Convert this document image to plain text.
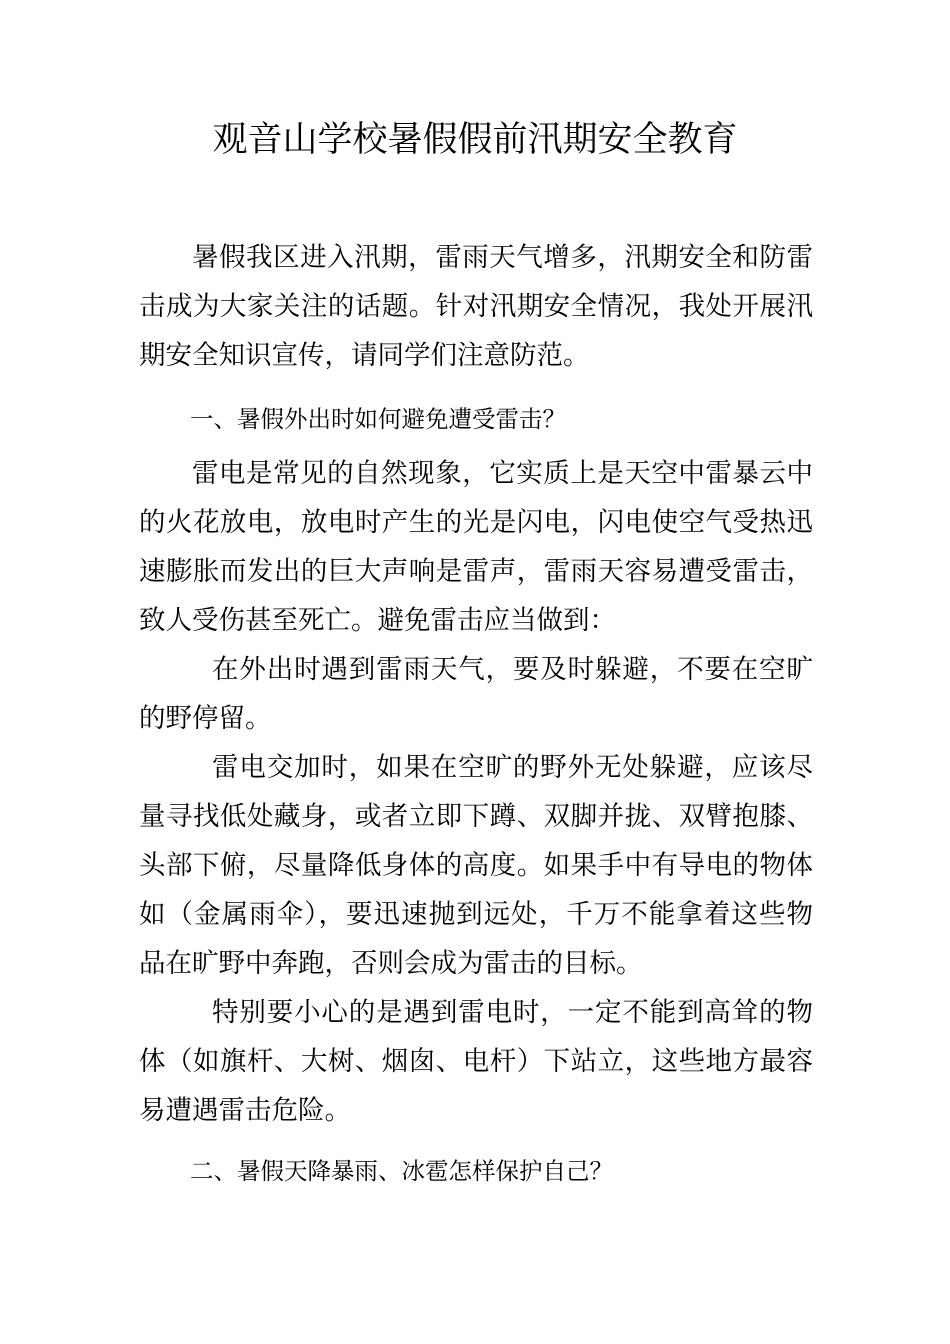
观音山学校暑假假前汛期安全教育

暑假我区进入汛期，雷雨天气增多，汛期安全和防雷击成为大家关注的话题。针对汛期安全情况，我处开展汛期安全知识宣传，请同学们注意防范。

一、暑假外出时如何避免遭受雷击？

雷电是常见的自然现象，它实质上是天空中雷暴云中的火花放电，放电时产生的光是闪电，闪电使空气受热迅速膨胀而发出的巨大声响是雷声，雷雨天容易遭受雷击，致人受伤甚至死亡。避免雷击应当做到：

在外出时遇到雷雨天气，要及时躲避，不要在空旷的野停留。

雷电交加时，如果在空旷的野外无处躲避，应该尽量寻找低处藏身，或者立即下蹲、双脚并拢、双臂抱膝、头部下俯，尽量降低身体的高度。如果手中有导电的物体如（金属雨伞），要迅速抛到远处，千万不能拿着这些物品在旷野中奔跑，否则会成为雷击的目标。

特别要小心的是遇到雷电时，一定不能到高耸的物体（如旗杆、大树、烟囱、电杆）下站立，这些地方最容易遭遇雷击危险。

二、暑假天降暴雨、冰雹怎样保护自己？
